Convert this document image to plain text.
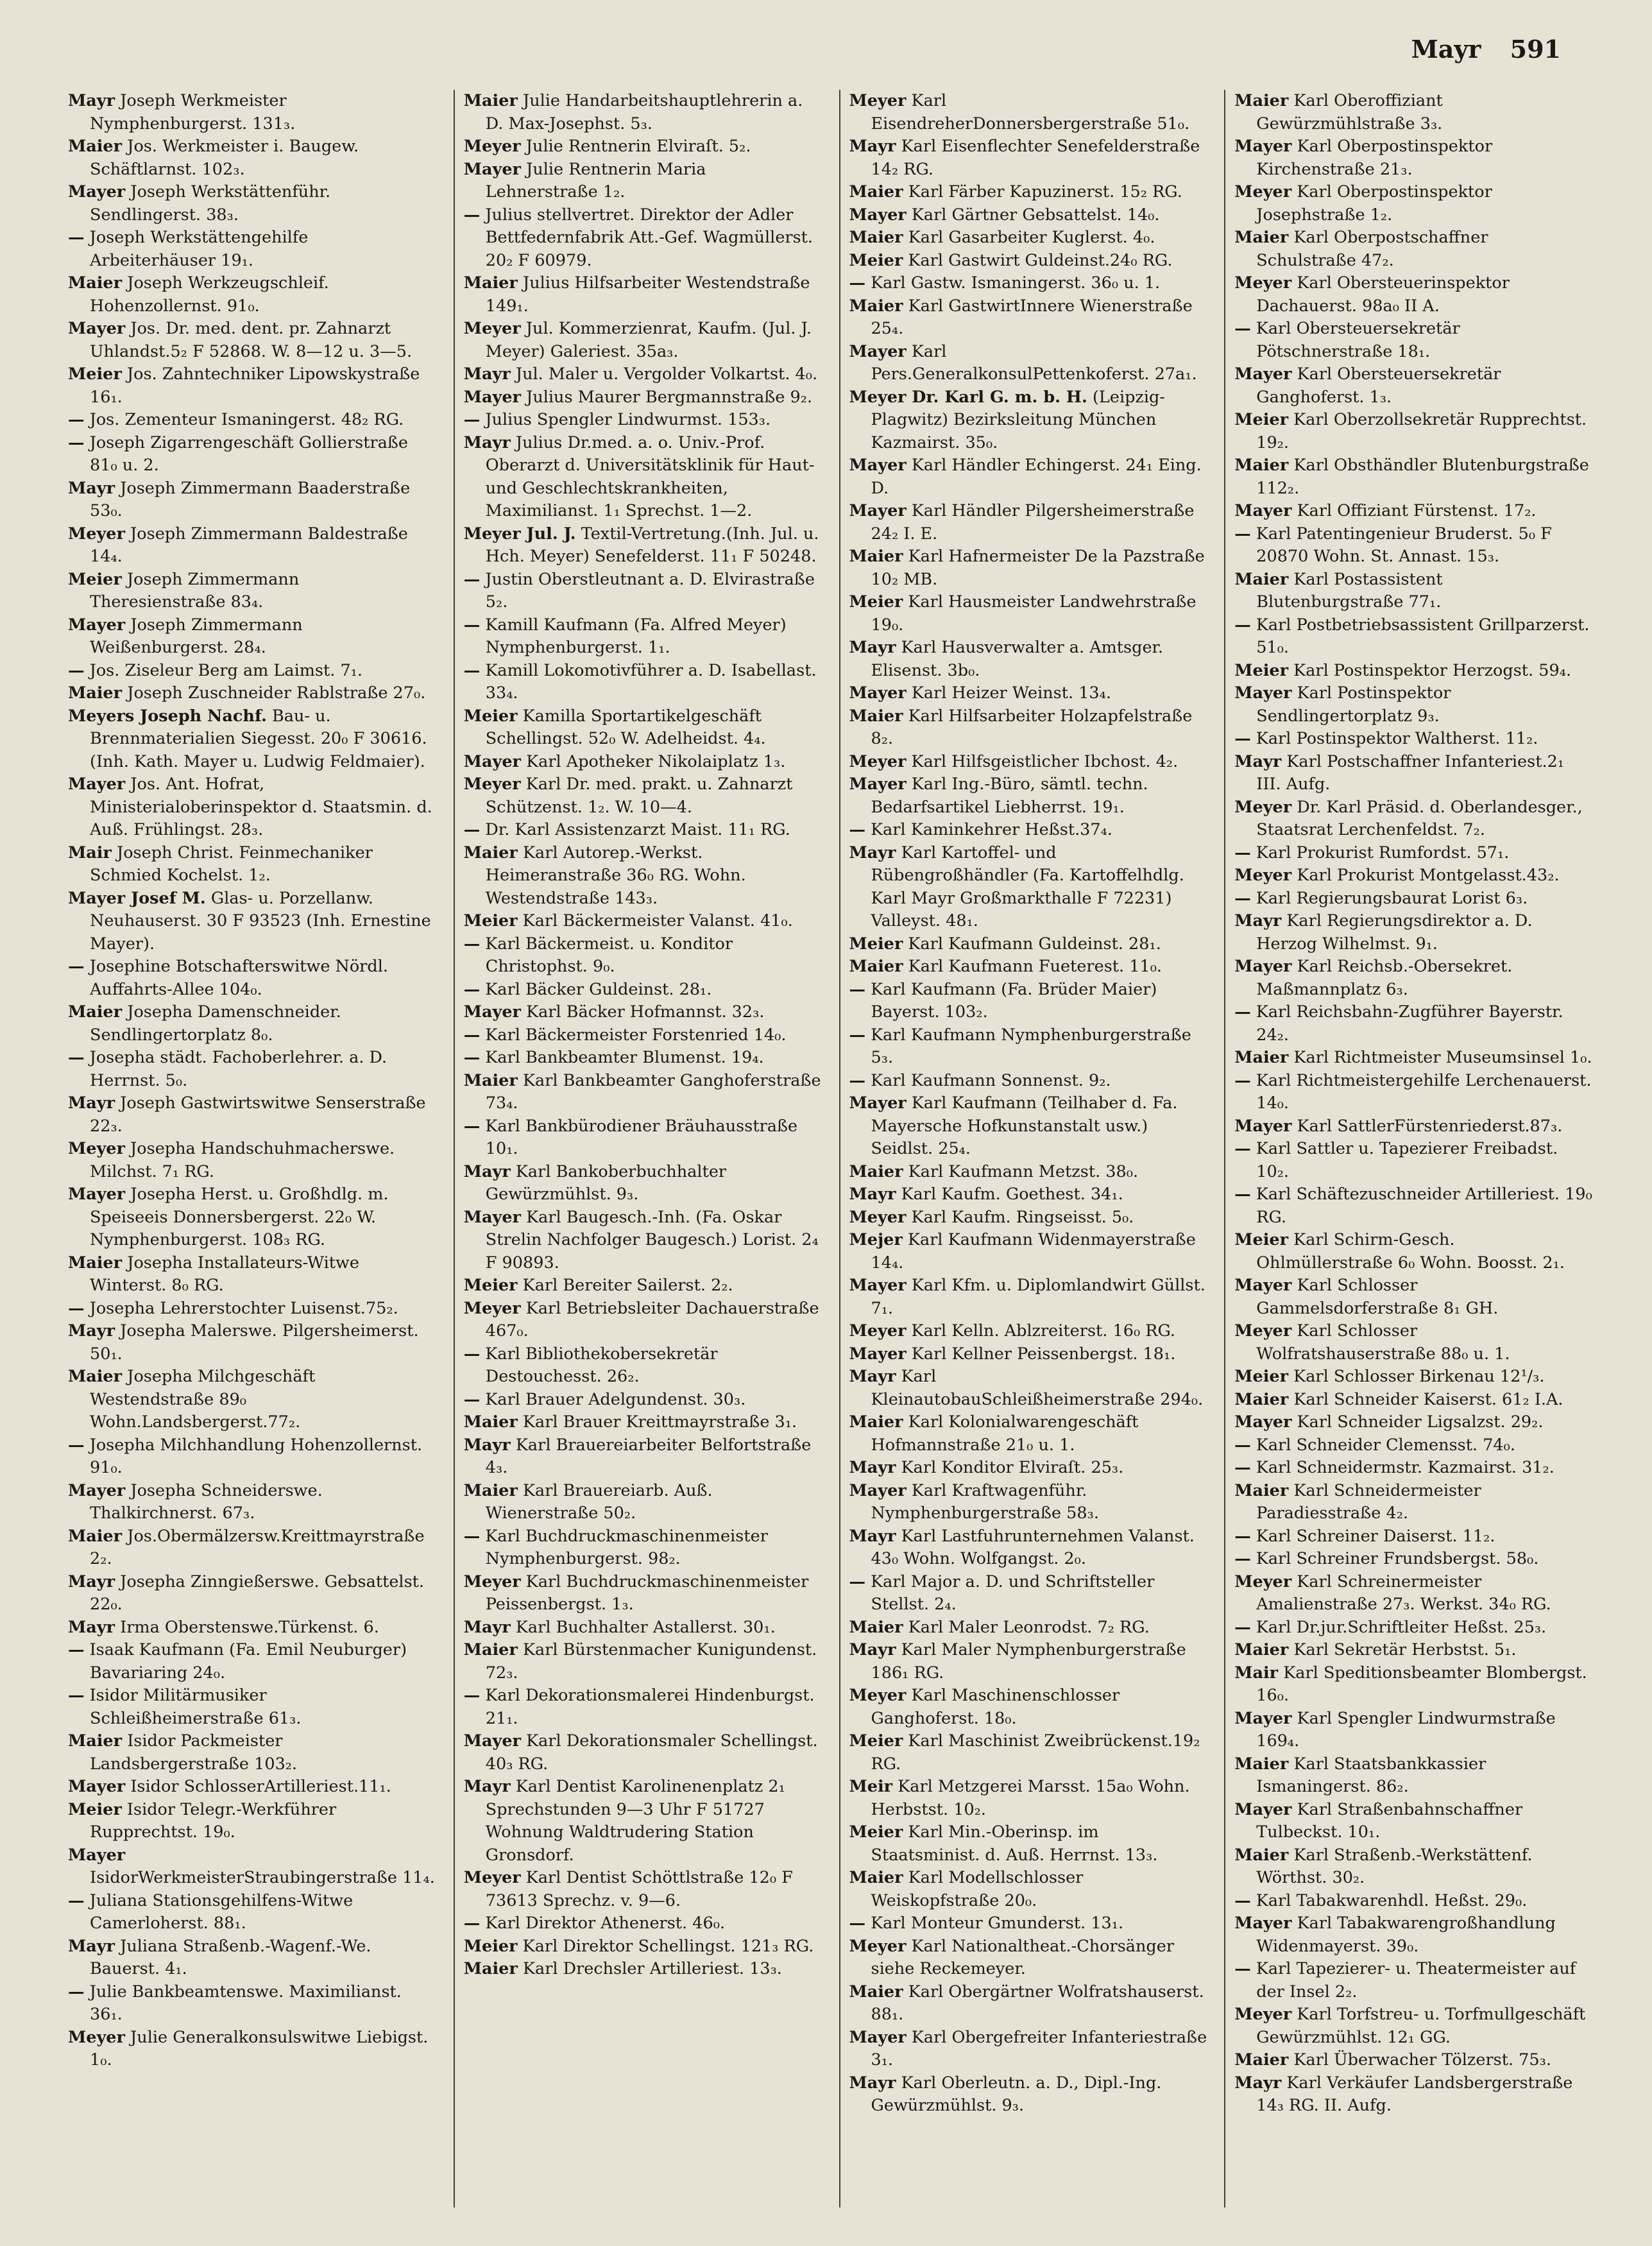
Mayr 591

Mayr Joseph Werkmeister Nymphenburgerst. 131₃.

Maier Jos. Werkmeister i. Baugew. Schäftlarnst. 102₃.

Mayer Joseph Werkstättenführ. Sendlingerst. 38₃.

— Joseph Werkstättengehilfe Arbeiterhäuser 19₁.

Maier Joseph Werkzeugschleif. Hohenzollernst. 91₀.

Mayer Jos. Dr. med. dent. pr. Zahnarzt Uhlandst.5₂ F 52868. W. 8—12 u. 3—5.

Meier Jos. Zahntechniker Lipowskystraße 16₁.

— Jos. Zementeur Ismaningerst. 48₂ RG.

— Joseph Zigarrengeschäft Gollierstraße 81₀ u. 2.

Mayr Joseph Zimmermann Baaderstraße 53₀.

Meyer Joseph Zimmermann Baldestraße 14₄.

Meier Joseph Zimmermann Theresienstraße 83₄.

Mayer Joseph Zimmermann Weißenburgerst. 28₄.

— Jos. Ziseleur Berg am Laimst. 7₁.

Maier Joseph Zuschneider Rablstraße 27₀.

Meyers Joseph Nachf. Bau- u. Brennmaterialien Siegesst. 20₀ F 30616. (Inh. Kath. Mayer u. Ludwig Feldmaier).

Mayer Jos. Ant. Hofrat, Ministerialoberinspektor d. Staatsmin. d. Auß. Frühlingst. 28₃.

Mair Joseph Christ. Feinmechaniker Schmied Kochelst. 1₂.

Mayer Josef M. Glas- u. Porzellanw. Neuhauserst. 30 F 93523 (Inh. Ernestine Mayer).

— Josephine Botschafterswitwe Nördl. Auffahrts-Allee 104₀.

Maier Josepha Damenschneider. Sendlingertorplatz 8₀.

— Josepha städt. Fachoberlehrer. a. D. Herrnst. 5₀.

Mayr Joseph Gastwirtswitwe Senserstraße 22₃.

Meyer Josepha Handschuhmacherswe. Milchst. 7₁ RG.

Mayer Josepha Herst. u. Großhdlg. m. Speiseeis Donnersbergerst. 22₀ W. Nymphenburgerst. 108₃ RG.

Maier Josepha Installateurs-Witwe Winterst. 8₀ RG.

— Josepha Lehrerstochter Luisenst.75₂.

Mayr Josepha Malerswe. Pilgersheimerst. 50₁.

Maier Josepha Milchgeschäft Westendstraße 89₀ Wohn.Landsbergerst.77₂.

— Josepha Milchhandlung Hohenzollernst. 91₀.

Mayer Josepha Schneiderswe. Thalkirchnerst. 67₃.

Maier Jos.Obermälzersw.Kreittmayrstraße 2₂.

Mayr Josepha Zinngießerswe. Gebsattelst. 22₀.

Mayr Irma Oberstenswe.Türkenst. 6.

— Isaak Kaufmann (Fa. Emil Neuburger) Bavariaring 24₀.

— Isidor Militärmusiker Schleißheimerstraße 61₃.

Maier Isidor Packmeister Landsbergerstraße 103₂.

Mayer Isidor SchlosserArtilleriest.11₁.

Meier Isidor Telegr.-Werkführer Rupprechtst. 19₀.

Mayer IsidorWerkmeisterStraubingerstraße 11₄.

— Juliana Stationsgehilfens-Witwe Camerloherst. 88₁.

Mayr Juliana Straßenb.-Wagenf.-We. Bauerst. 4₁.

— Julie Bankbeamtenswe. Maximilianst. 36₁.

Meyer Julie Generalkonsulswitwe Liebigst. 1₀.

Maier Julie Handarbeitshauptlehrerin a. D. Max-Josephst. 5₃.

Meyer Julie Rentnerin Elviraſt. 5₂.

Mayer Julie Rentnerin Maria Lehnerstraße 1₂.

— Julius stellvertret. Direktor der Adler Bettfedernfabrik Att.-Gef. Wagmüllerst. 20₂ F 60979.

Maier Julius Hilfsarbeiter Westendstraße 149₁.

Meyer Jul. Kommerzienrat, Kaufm. (Jul. J. Meyer) Galeriest. 35a₃.

Mayr Jul. Maler u. Vergolder Volkartst. 4₀.

Mayer Julius Maurer Bergmannstraße 9₂.

— Julius Spengler Lindwurmst. 153₃.

Mayr Julius Dr.med. a. o. Univ.-Prof. Oberarzt d. Universitätsklinik für Haut- und Geschlechtskrankheiten, Maximilianst. 1₁ Sprechst. 1—2.

Meyer Jul. J. Textil-Vertretung.(Inh. Jul. u. Hch. Meyer) Senefelderst. 11₁ F 50248.

— Justin Oberstleutnant a. D. Elvirastraße 5₂.

— Kamill Kaufmann (Fa. Alfred Meyer) Nymphenburgerst. 1₁.

— Kamill Lokomotivführer a. D. Isabellast. 33₄.

Meier Kamilla Sportartikelgeschäft Schellingst. 52₀ W. Adelheidst. 4₄.

Mayer Karl Apotheker Nikolaiplatz 1₃.

Meyer Karl Dr. med. prakt. u. Zahnarzt Schützenst. 1₂. W. 10—4.

— Dr. Karl Assistenzarzt Maist. 11₁ RG.

Maier Karl Autorep.-Werkst. Heimeranstraße 36₀ RG. Wohn. Westendstraße 143₃.

Meier Karl Bäckermeister Valanst. 41₀.

— Karl Bäckermeist. u. Konditor Christophst. 9₀.

— Karl Bäcker Guldeinst. 28₁.

Mayer Karl Bäcker Hofmannst. 32₃.

— Karl Bäckermeister Forstenried 14₀.

— Karl Bankbeamter Blumenst. 19₄.

Maier Karl Bankbeamter Ganghoferstraße 73₄.

— Karl Bankbürodiener Bräuhausstraße 10₁.

Mayr Karl Bankoberbuchhalter Gewürzmühlst. 9₃.

Mayer Karl Baugesch.-Inh. (Fa. Oskar Strelin Nachfolger Baugesch.) Lorist. 2₄ F 90893.

Meier Karl Bereiter Sailerst. 2₂.

Meyer Karl Betriebsleiter Dachauerstraße 467₀.

— Karl Bibliothekobersekretär Destouchesst. 26₂.

— Karl Brauer Adelgundenst. 30₃.

Maier Karl Brauer Kreittmayrstraße 3₁.

Mayr Karl Brauereiarbeiter Belfortstraße 4₃.

Maier Karl Brauereiarb. Auß. Wienerstraße 50₂.

— Karl Buchdruckmaschinenmeister Nymphenburgerst. 98₂.

Meyer Karl Buchdruckmaschinenmeister Peissenbergst. 1₃.

Mayr Karl Buchhalter Astallerst. 30₁.

Maier Karl Bürstenmacher Kunigundenst. 72₃.

— Karl Dekorationsmalerei Hindenburgst. 21₁.

Mayer Karl Dekorationsmaler Schellingst. 40₃ RG.

Mayr Karl Dentist Karolinenenplatz 2₁ Sprechstunden 9—3 Uhr F 51727 Wohnung Waldtrudering Station Gronsdorf.

Meyer Karl Dentist Schöttlstraße 12₀ F 73613 Sprechz. v. 9—6.

— Karl Direktor Athenerst. 46₀.

Meier Karl Direktor Schellingst. 121₃ RG.

Maier Karl Drechsler Artilleriest. 13₃.

Meyer Karl EisendreherDonnersbergerstraße 51₀.

Mayr Karl Eisenflechter Senefelderstraße 14₂ RG.

Maier Karl Färber Kapuzinerst. 15₂ RG.

Mayer Karl Gärtner Gebsattelst. 14₀.

Maier Karl Gasarbeiter Kuglerst. 4₀.

Meier Karl Gastwirt Guldeinst.24₀ RG.

— Karl Gastw. Ismaningerst. 36₀ u. 1.

Maier Karl GastwirtInnere Wienerstraße 25₄.

Mayer Karl Pers.GeneralkonsulPettenkoferst. 27a₁.

Meyer Dr. Karl G. m. b. H. (Leipzig-Plagwitz) Bezirksleitung München Kazmairst. 35₀.

Mayer Karl Händler Echingerst. 24₁ Eing. D.

Mayer Karl Händler Pilgersheimerstraße 24₂ I. E.

Maier Karl Hafnermeister De la Pazstraße 10₂ MB.

Meier Karl Hausmeister Landwehrstraße 19₀.

Mayr Karl Hausverwalter a. Amtsger. Elisenst. 3b₀.

Mayer Karl Heizer Weinst. 13₄.

Maier Karl Hilfsarbeiter Holzapfelstraße 8₂.

Meyer Karl Hilfsgeistlicher Ibchost. 4₂.

Mayer Karl Ing.-Büro, sämtl. techn. Bedarfsartikel Liebherrst. 19₁.

— Karl Kaminkehrer Heßst.37₄.

Mayr Karl Kartoffel- und Rübengroßhändler (Fa. Kartoffelhdlg. Karl Mayr Großmarkthalle F 72231) Valleyst. 48₁.

Meier Karl Kaufmann Guldeinst. 28₁.

Maier Karl Kaufmann Fueterest. 11₀.

— Karl Kaufmann (Fa. Brüder Maier) Bayerst. 103₂.

— Karl Kaufmann Nymphenburgerstraße 5₃.

— Karl Kaufmann Sonnenst. 9₂.

Mayer Karl Kaufmann (Teilhaber d. Fa. Mayersche Hofkunstanstalt usw.) Seidlst. 25₄.

Maier Karl Kaufmann Metzst. 38₀.

Mayr Karl Kaufm. Goethest. 34₁.

Meyer Karl Kaufm. Ringseisst. 5₀.

Mejer Karl Kaufmann Widenmayerstraße 14₄.

Mayer Karl Kfm. u. Diplomlandwirt Güllst. 7₁.

Meyer Karl Kelln. Ablzreiterst. 16₀ RG.

Mayer Karl Kellner Peissenbergst. 18₁.

Mayr Karl KleinautobauSchleißheimerstraße 294₀.

Maier Karl Kolonialwarengeschäft Hofmannstraße 21₀ u. 1.

Mayr Karl Konditor Elviraſt. 25₃.

Mayer Karl Kraftwagenführ. Nymphenburgerstraße 58₃.

Mayr Karl Lastfuhrunternehmen Valanst. 43₀ Wohn. Wolfgangst. 2₀.

— Karl Major a. D. und Schriftsteller Stellst. 2₄.

Maier Karl Maler Leonrodst. 7₂ RG.

Mayr Karl Maler Nymphenburgerstraße 186₁ RG.

Meyer Karl Maschinenschlosser Ganghoferst. 18₀.

Meier Karl Maschinist Zweibrückenst.19₂ RG.

Meir Karl Metzgerei Marsst. 15a₀ Wohn. Herbstst. 10₂.

Meier Karl Min.-Oberinsp. im Staatsminist. d. Auß. Herrnst. 13₃.

Maier Karl Modellschlosser Weiskopfstraße 20₀.

— Karl Monteur Gmunderst. 13₁.

Meyer Karl Nationaltheat.-Chorsänger siehe Reckemeyer.

Maier Karl Obergärtner Wolfratshauserst. 88₁.

Mayer Karl Obergefreiter Infanteriestraße 3₁.

Mayr Karl Oberleutn. a. D., Dipl.-Ing. Gewürzmühlst. 9₃.

Maier Karl Oberoffiziant Gewürzmühlstraße 3₃.

Mayer Karl Oberpostinspektor Kirchenstraße 21₃.

Meyer Karl Oberpostinspektor Josephstraße 1₂.

Maier Karl Oberpostschaffner Schulstraße 47₂.

Meyer Karl Obersteuerinspektor Dachauerst. 98a₀ II A.

— Karl Obersteuersekretär Pötschnerstraße 18₁.

Mayer Karl Obersteuersekretär Ganghoferst. 1₃.

Meier Karl Oberzollsekretär Rupprechtst. 19₂.

Maier Karl Obsthändler Blutenburgstraße 112₂.

Mayer Karl Offiziant Fürstenst. 17₂.

— Karl Patentingenieur Bruderst. 5₀ F 20870 Wohn. St. Annast. 15₃.

Maier Karl Postassistent Blutenburgstraße 77₁.

— Karl Postbetriebsassistent Grillparzerst. 51₀.

Meier Karl Postinspektor Herzogst. 59₄.

Mayer Karl Postinspektor Sendlingertorplatz 9₃.

— Karl Postinspektor Waltherst. 11₂.

Mayr Karl Postschaffner Infanteriest.2₁ III. Aufg.

Meyer Dr. Karl Präsid. d. Oberlandesger., Staatsrat Lerchenfeldst. 7₂.

— Karl Prokurist Rumfordst. 57₁.

Meyer Karl Prokurist Montgelasst.43₂.

— Karl Regierungsbaurat Lorist 6₃.

Mayr Karl Regierungsdirektor a. D. Herzog Wilhelmst. 9₁.

Mayer Karl Reichsb.-Obersekret. Maßmannplatz 6₃.

— Karl Reichsbahn-Zugführer Bayerstr. 24₂.

Maier Karl Richtmeister Museumsinsel 1₀.

— Karl Richtmeistergehilfe Lerchenauerst. 14₀.

Mayer Karl SattlerFürstenriederst.87₃.

— Karl Sattler u. Tapezierer Freibadst. 10₂.

— Karl Schäftezuschneider Artilleriest. 19₀ RG.

Meier Karl Schirm-Gesch. Ohlmüllerstraße 6₀ Wohn. Boosst. 2₁.

Mayer Karl Schlosser Gammelsdorferstraße 8₁ GH.

Meyer Karl Schlosser Wolfratshauserstraße 88₀ u. 1.

Meier Karl Schlosser Birkenau 12¹/₃.

Maier Karl Schneider Kaiserst. 61₂ I.A.

Mayer Karl Schneider Ligsalzst. 29₂.

— Karl Schneider Clemensst. 74₀.

— Karl Schneidermstr. Kazmairst. 31₂.

Maier Karl Schneidermeister Paradiesstraße 4₂.

— Karl Schreiner Daiserst. 11₂.

— Karl Schreiner Frundsbergst. 58₀.

Meyer Karl Schreinermeister Amalienstraße 27₃. Werkst. 34₀ RG.

— Karl Dr.jur.Schriftleiter Heßst. 25₃.

Maier Karl Sekretär Herbstst. 5₁.

Mair Karl Speditionsbeamter Blombergst. 16₀.

Mayer Karl Spengler Lindwurmstraße 169₄.

Maier Karl Staatsbankkassier Ismaningerst. 86₂.

Mayer Karl Straßenbahnschaffner Tulbeckst. 10₁.

Maier Karl Straßenb.-Werkstättenf. Wörthst. 30₂.

— Karl Tabakwarenhdl. Heßst. 29₀.

Mayer Karl Tabakwarengroßhandlung Widenmayerst. 39₀.

— Karl Tapezierer- u. Theatermeister auf der Insel 2₂.

Meyer Karl Torfstreu- u. Torfmullgeschäft Gewürzmühlst. 12₁ GG.

Maier Karl Überwacher Tölzerst. 75₃.

Mayr Karl Verkäufer Landsbergerstraße 14₃ RG. II. Aufg.
